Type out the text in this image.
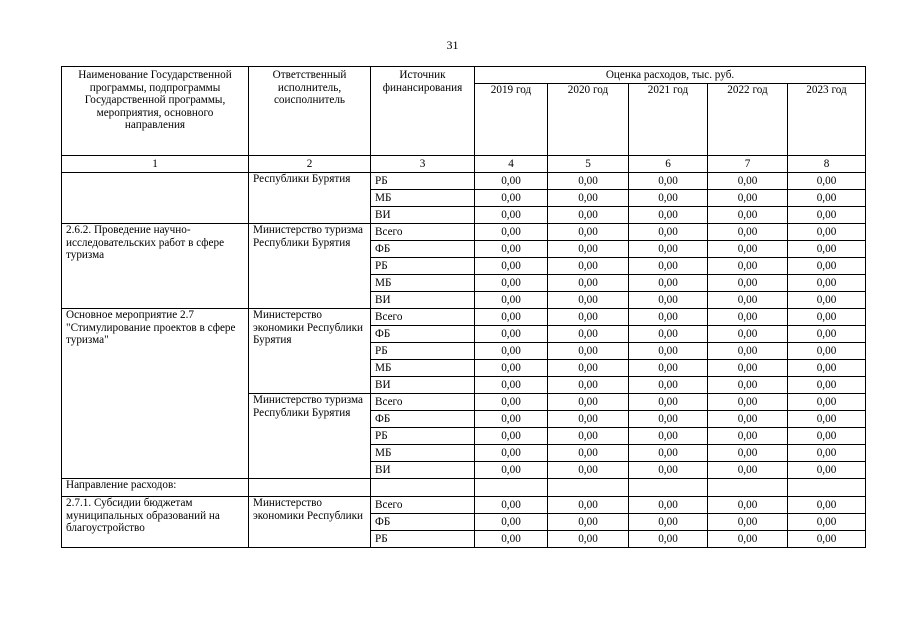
31
Наименование Государственной программы, подпрограммы Государственной программы, мероприятия, основного направления	Ответственный исполнитель, соисполнитель	Источник финансирования	Оценка расходов, тыс. руб.				
			2019 год	2020 год	2021 год	2022 год	2023 год
1	2	3	4	5	6	7	8
	Республики Бурятия	РБ	0,00	0,00	0,00	0,00	0,00
		МБ	0,00	0,00	0,00	0,00	0,00
		ВИ	0,00	0,00	0,00	0,00	0,00
2.6.2. Проведение научно-исследовательских работ в сфере туризма	Министерство туризма Республики Бурятия	Всего	0,00	0,00	0,00	0,00	0,00
		ФБ	0,00	0,00	0,00	0,00	0,00
		РБ	0,00	0,00	0,00	0,00	0,00
		МБ	0,00	0,00	0,00	0,00	0,00
		ВИ	0,00	0,00	0,00	0,00	0,00
Основное мероприятие 2.7 "Стимулирование проектов в сфере туризма"	Министерство экономики Республики Бурятия	Всего	0,00	0,00	0,00	0,00	0,00
		ФБ	0,00	0,00	0,00	0,00	0,00
		РБ	0,00	0,00	0,00	0,00	0,00
		МБ	0,00	0,00	0,00	0,00	0,00
		ВИ	0,00	0,00	0,00	0,00	0,00
	Министерство туризма Республики Бурятия	Всего	0,00	0,00	0,00	0,00	0,00
		ФБ	0,00	0,00	0,00	0,00	0,00
		РБ	0,00	0,00	0,00	0,00	0,00
		МБ	0,00	0,00	0,00	0,00	0,00
		ВИ	0,00	0,00	0,00	0,00	0,00
Направление расходов:							
2.7.1. Субсидии бюджетам муниципальных образований на благоустройство	Министерство экономики Республики	Всего	0,00	0,00	0,00	0,00	0,00
		ФБ	0,00	0,00	0,00	0,00	0,00
		РБ	0,00	0,00	0,00	0,00	0,00
